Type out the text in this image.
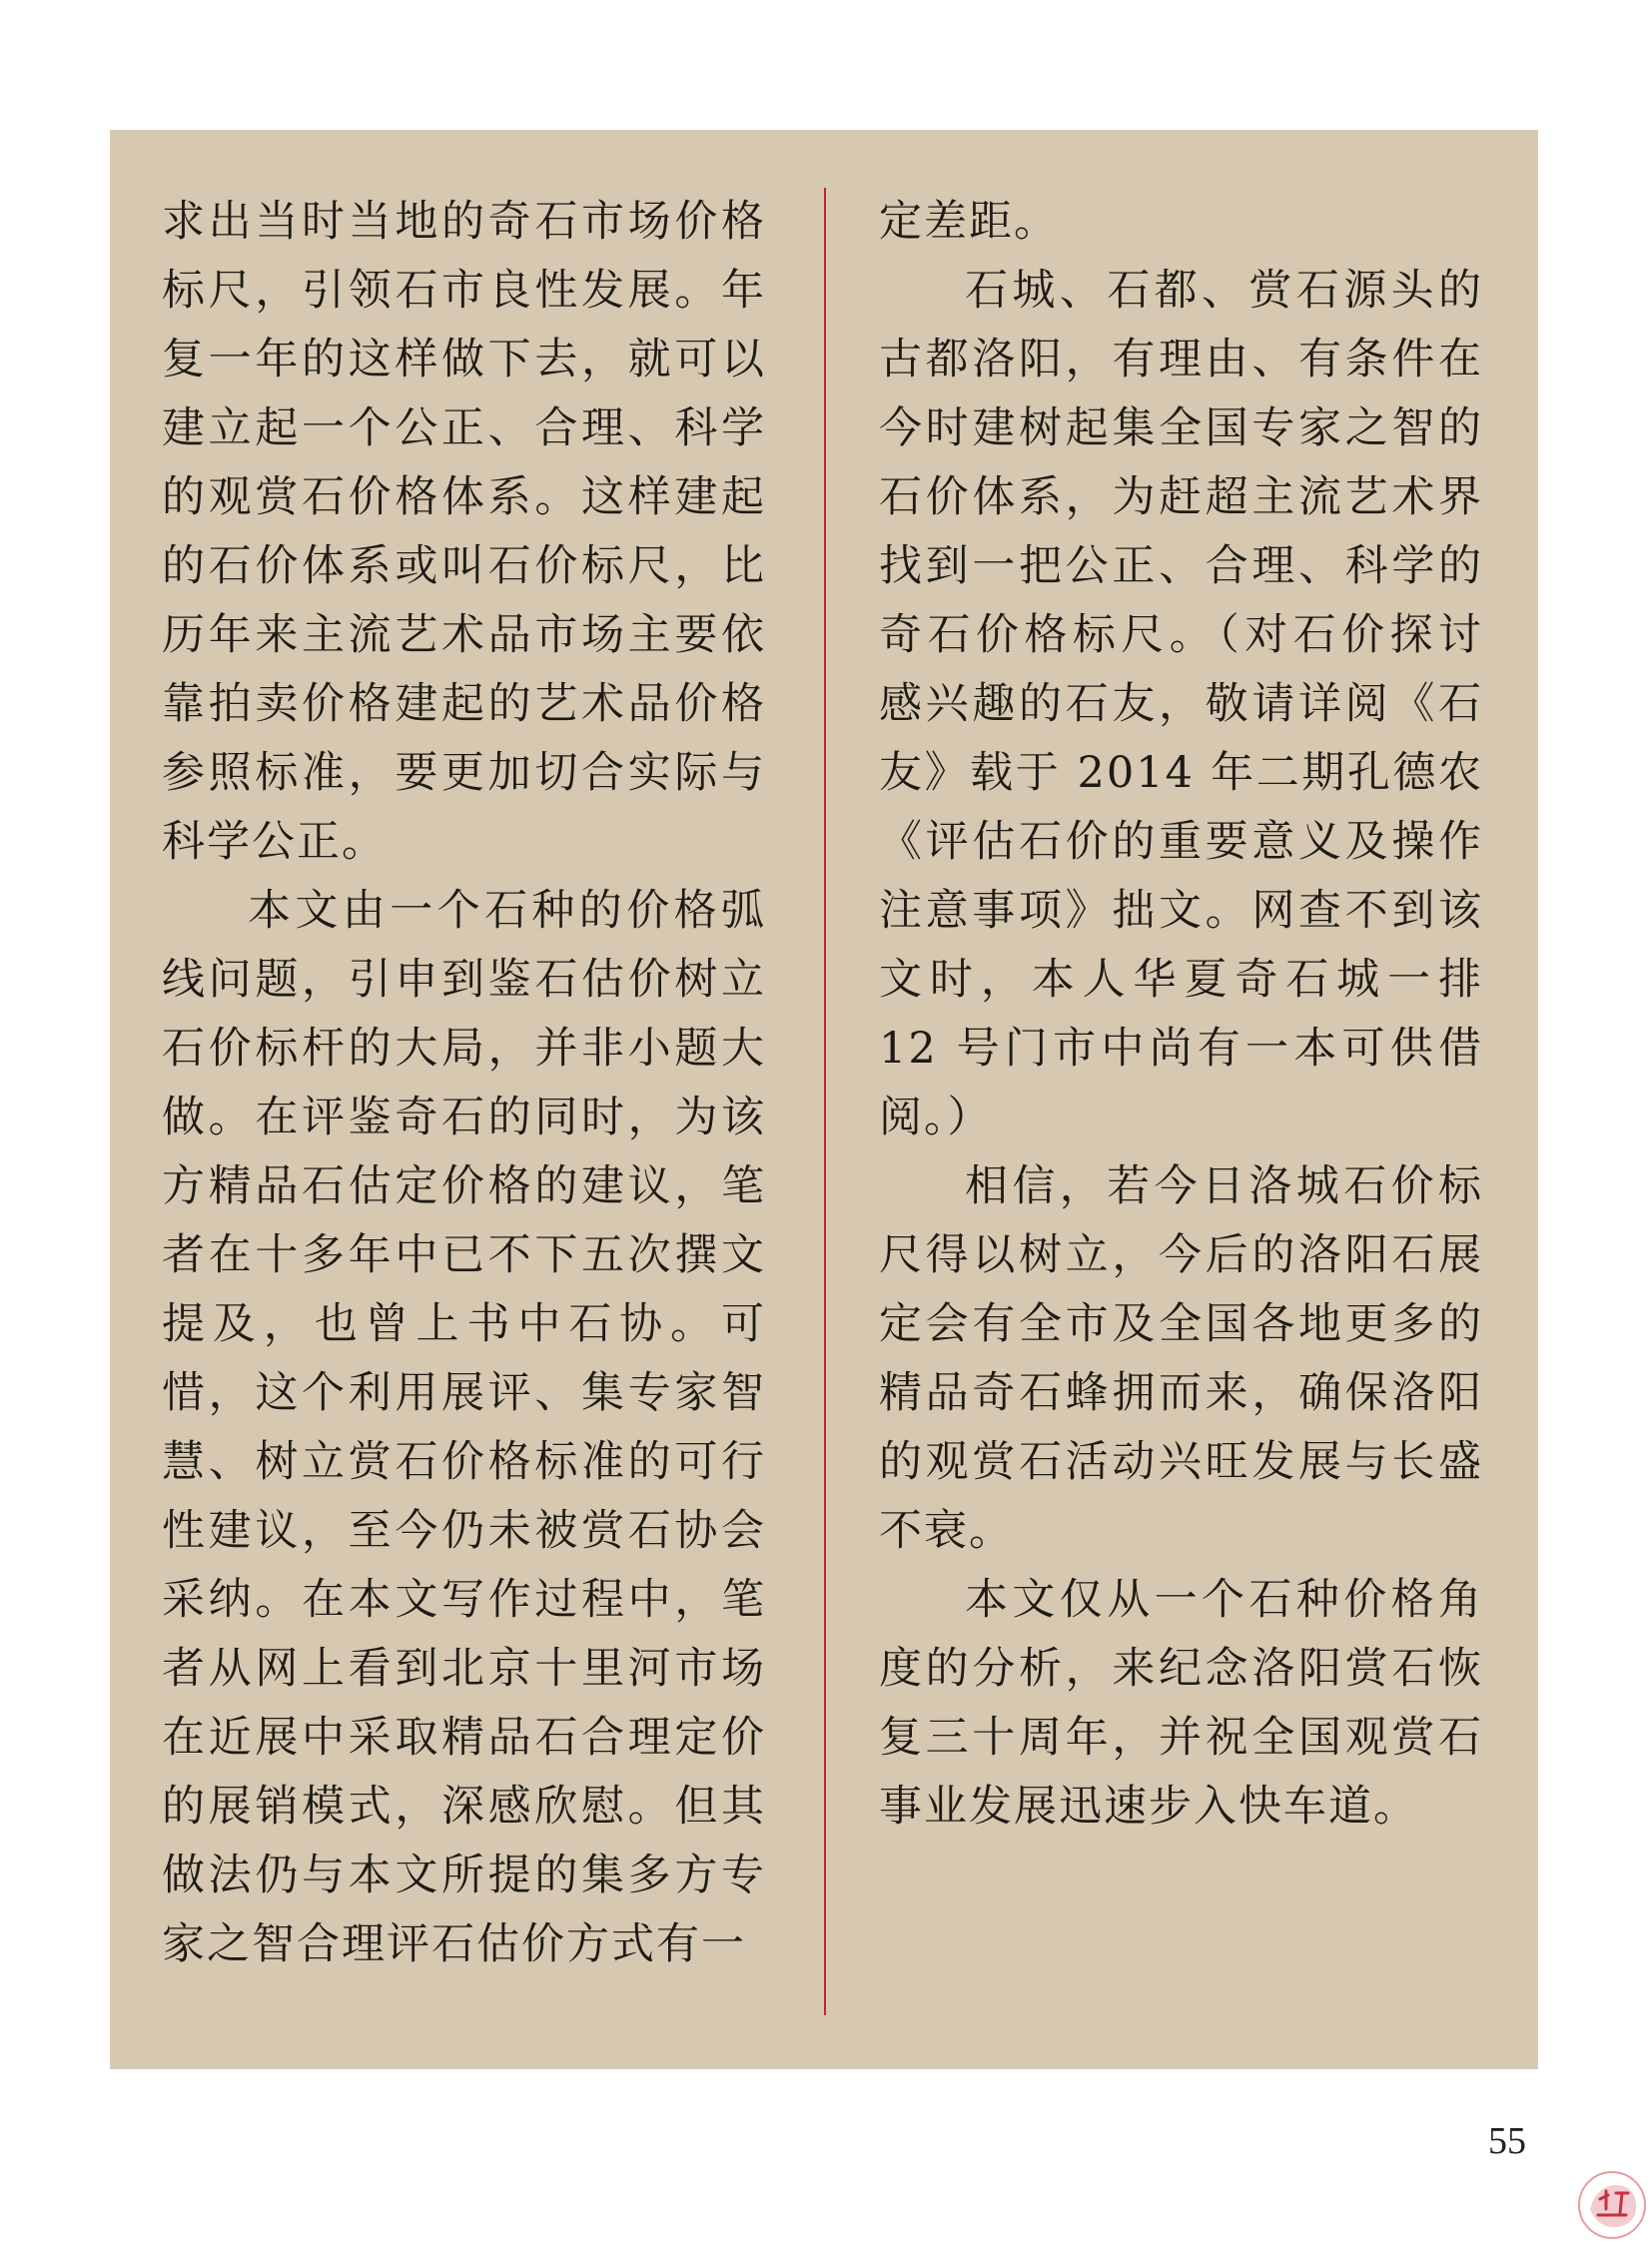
求出当时当地的奇石市场价格标尺，引领石市良性发展。年复一年的这样做下去，就可以建立起一个公正、合理、科学的观赏石价格体系。这样建起的石价体系或叫石价标尺，比历年来主流艺术品市场主要依靠拍卖价格建起的艺术品价格参照标准，要更加切合实际与科学公正。

本文由一个石种的价格弧线问题，引申到鉴石估价树立石价标杆的大局，并非小题大做。在评鉴奇石的同时，为该方精品石估定价格的建议，笔者在十多年中已不下五次撰文提及，也曾上书中石协。可惜，这个利用展评、集专家智慧、树立赏石价格标准的可行性建议，至今仍未被赏石协会采纳。在本文写作过程中，笔者从网上看到北京十里河市场在近展中采取精品石合理定价的展销模式，深感欣慰。但其做法仍与本文所提的集多方专家之智合理评石估价方式有一

定差距。

石城、石都、赏石源头的古都洛阳，有理由、有条件在今时建树起集全国专家之智的石价体系，为赶超主流艺术界找到一把公正、合理、科学的奇石价格标尺。（对石价探讨感兴趣的石友，敬请详阅《石友》载于 2014 年二期孔德农《评估石价的重要意义及操作注意事项》拙文。网查不到该文时，本人华夏奇石城一排 12 号门市中尚有一本可供借阅。）

相信，若今日洛城石价标尺得以树立，今后的洛阳石展定会有全市及全国各地更多的精品奇石蜂拥而来，确保洛阳的观赏石活动兴旺发展与长盛不衰。

本文仅从一个石种价格角度的分析，来纪念洛阳赏石恢复三十周年，并祝全国观赏石事业发展迅速步入快车道。

55
